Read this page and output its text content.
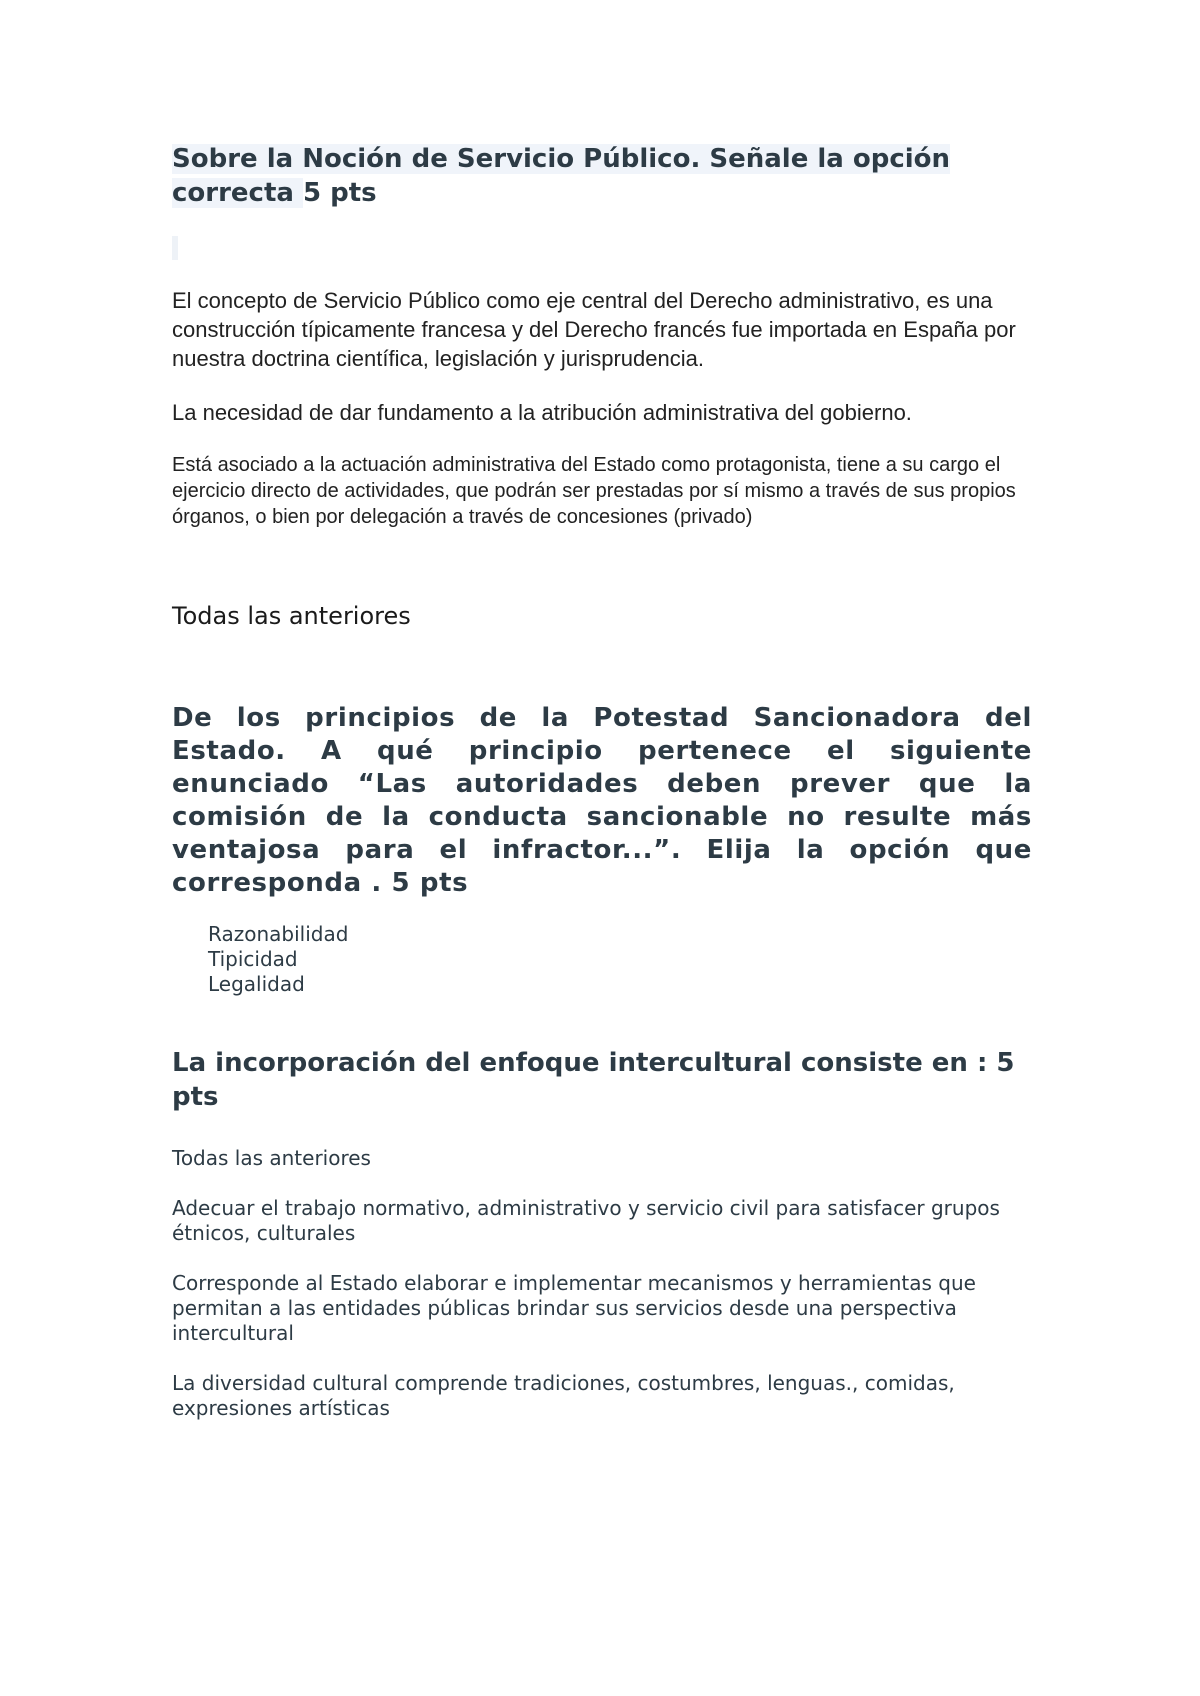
Sobre la Noción de Servicio Público. Señale la opción correcta 5 pts
El concepto de Servicio Público como eje central del Derecho administrativo, es una construcción típicamente francesa y del Derecho francés fue importada en España por nuestra doctrina científica, legislación y jurisprudencia.
La necesidad de dar fundamento a la atribución administrativa del gobierno.
Está asociado a la actuación administrativa del Estado como protagonista, tiene a su cargo el ejercicio directo de actividades, que podrán ser prestadas por sí mismo a través de sus propios órganos, o bien por delegación a través de concesiones (privado)
Todas las anteriores
De los principios de la Potestad Sancionadora del Estado. A qué principio pertenece el siguiente enunciado “Las autoridades deben prever que la comisión de la conducta sancionable no resulte más ventajosa para el infractor...”. Elija la opción que corresponda . 5 pts
Razonabilidad
Tipicidad
Legalidad
La incorporación del enfoque intercultural consiste en : 5 pts
Todas las anteriores
Adecuar el trabajo normativo, administrativo y servicio civil para satisfacer grupos étnicos, culturales
Corresponde al Estado elaborar e implementar mecanismos y herramientas que permitan a las entidades públicas brindar sus servicios desde una perspectiva intercultural
La diversidad cultural comprende tradiciones, costumbres, lenguas., comidas, expresiones artísticas
